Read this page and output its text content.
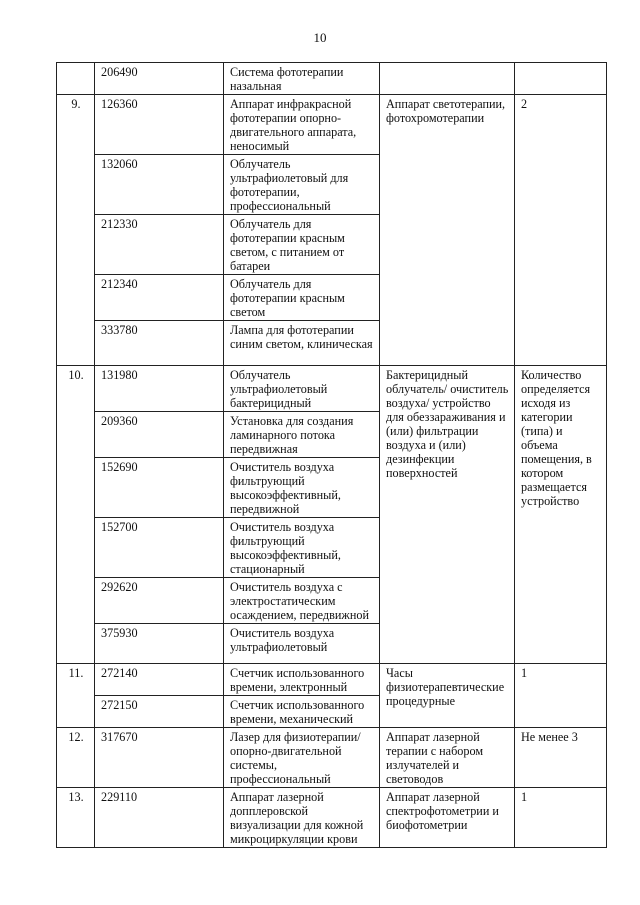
10
	206490	Система фототерапии назальная		
9.	126360	Аппарат инфракрасной фототерапии опорно-двигательного аппарата, неносимый	Аппарат светотерапии, фотохромотерапии	2
	132060	Облучатель ультрафиолетовый для фототерапии, профессиональный		
	212330	Облучатель для фототерапии красным светом, с питанием от батареи		
	212340	Облучатель для фототерапии красным светом		
	333780	Лампа для фототерапии синим светом, клиническая		
10.	131980	Облучатель ультрафиолетовый бактерицидный	Бактерицидный облучатель/ очиститель воздуха/ устройство для обеззараживания и (или) фильтрации воздуха и (или) дезинфекции поверхностей	Количество определяется исходя из категории (типа) и объема помещения, в котором размещается устройство
	209360	Установка для создания ламинарного потока передвижная		
	152690	Очиститель воздуха фильтрующий высокоэффективный, передвижной		
	152700	Очиститель воздуха фильтрующий высокоэффективный, стационарный		
	292620	Очиститель воздуха с электростатическим осаждением, передвижной		
	375930	Очиститель воздуха ультрафиолетовый		
11.	272140	Счетчик использованного времени, электронный	Часы физиотерапевтические процедурные	1
	272150	Счетчик использованного времени, механический		
12.	317670	Лазер для физиотерапии/опорно-двигательной системы, профессиональный	Аппарат лазерной терапии с набором излучателей и световодов	Не менее 3
13.	229110	Аппарат лазерной допплеровской визуализации для кожной микроциркуляции крови	Аппарат лазерной спектрофотометрии и биофотометрии	1
